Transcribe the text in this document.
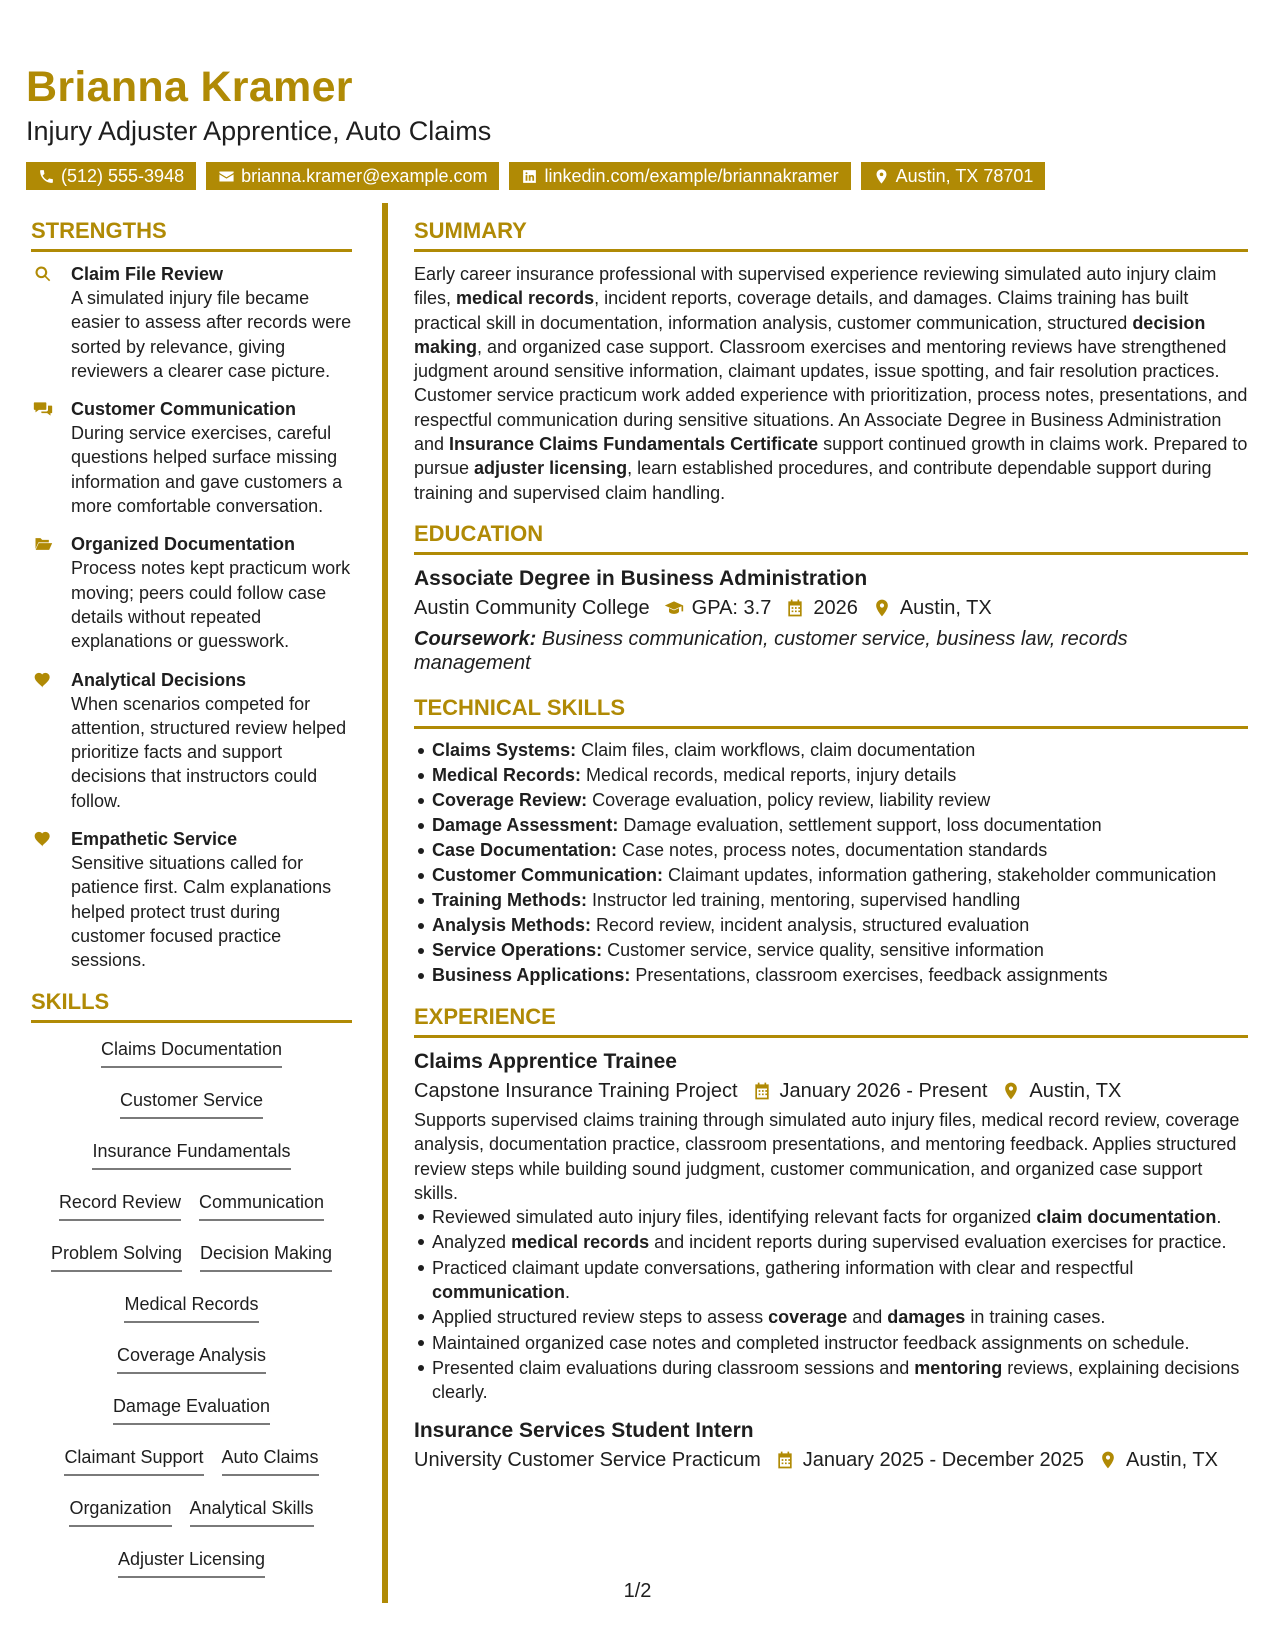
Brianna Kramer
Injury Adjuster Apprentice, Auto Claims
(512) 555-3948	brianna.kramer@example.com	linkedin.com/example/briannakramer	Austin, TX 78701
STRENGTHS
Claim File Review
A simulated injury file became easier to assess after records were sorted by relevance, giving reviewers a clearer case picture.
Customer Communication
During service exercises, careful questions helped surface missing information and gave customers a more comfortable conversation.
Organized Documentation
Process notes kept practicum work moving; peers could follow case details without repeated explanations or guesswork.
Analytical Decisions
When scenarios competed for attention, structured review helped prioritize facts and support decisions that instructors could follow.
Empathetic Service
Sensitive situations called for patience first. Calm explanations helped protect trust during customer focused practice sessions.
SKILLS
Claims Documentation
Customer Service
Insurance Fundamentals
Record Review Communication
Problem Solving Decision Making
Medical Records
Coverage Analysis
Damage Evaluation
Claimant Support Auto Claims
Organization Analytical Skills
Adjuster Licensing
SUMMARY

Early career insurance professional with supervised experience reviewing simulated auto injury claim files, medical records, incident reports, coverage details, and damages. Claims training has built practical skill in documentation, information analysis, customer communication, structured decision making, and organized case support. Classroom exercises and mentoring reviews have strengthened judgment around sensitive information, claimant updates, issue spotting, and fair resolution practices. Customer service practicum work added experience with prioritization, process notes, presentations, and respectful communication during sensitive situations. An Associate Degree in Business Administration and Insurance Claims Fundamentals Certificate support continued growth in claims work. Prepared to pursue adjuster licensing, learn established procedures, and contribute dependable support during training and supervised claim handling.

EDUCATION
Associate Degree in Business Administration
Austin Community College GPA: 3.7 2026 Austin, TX

Coursework: Business communication, customer service, business law, records management

TECHNICAL SKILLS
Claims Systems: Claim files, claim workflows, claim documentation
Medical Records: Medical records, medical reports, injury details
Coverage Review: Coverage evaluation, policy review, liability review
Damage Assessment: Damage evaluation, settlement support, loss documentation
Case Documentation: Case notes, process notes, documentation standards
Customer Communication: Claimant updates, information gathering, stakeholder communication
Training Methods: Instructor led training, mentoring, supervised handling
Analysis Methods: Record review, incident analysis, structured evaluation
Service Operations: Customer service, service quality, sensitive information
Business Applications: Presentations, classroom exercises, feedback assignments
EXPERIENCE
Claims Apprentice Trainee
Capstone Insurance Training Project January 2026 - Present Austin, TX

Supports supervised claims training through simulated auto injury files, medical record review, coverage analysis, documentation practice, classroom presentations, and mentoring feedback. Applies structured review steps while building sound judgment, customer communication, and organized case support skills.

Reviewed simulated auto injury files, identifying relevant facts for organized claim documentation.
Analyzed medical records and incident reports during supervised evaluation exercises for practice.
Practiced claimant update conversations, gathering information with clear and respectful communication.
Applied structured review steps to assess coverage and damages in training cases.
Maintained organized case notes and completed instructor feedback assignments on schedule.
Presented claim evaluations during classroom sessions and mentoring reviews, explaining decisions clearly.
Insurance Services Student Intern
University Customer Service Practicum January 2025 - December 2025 Austin, TX
1/2
